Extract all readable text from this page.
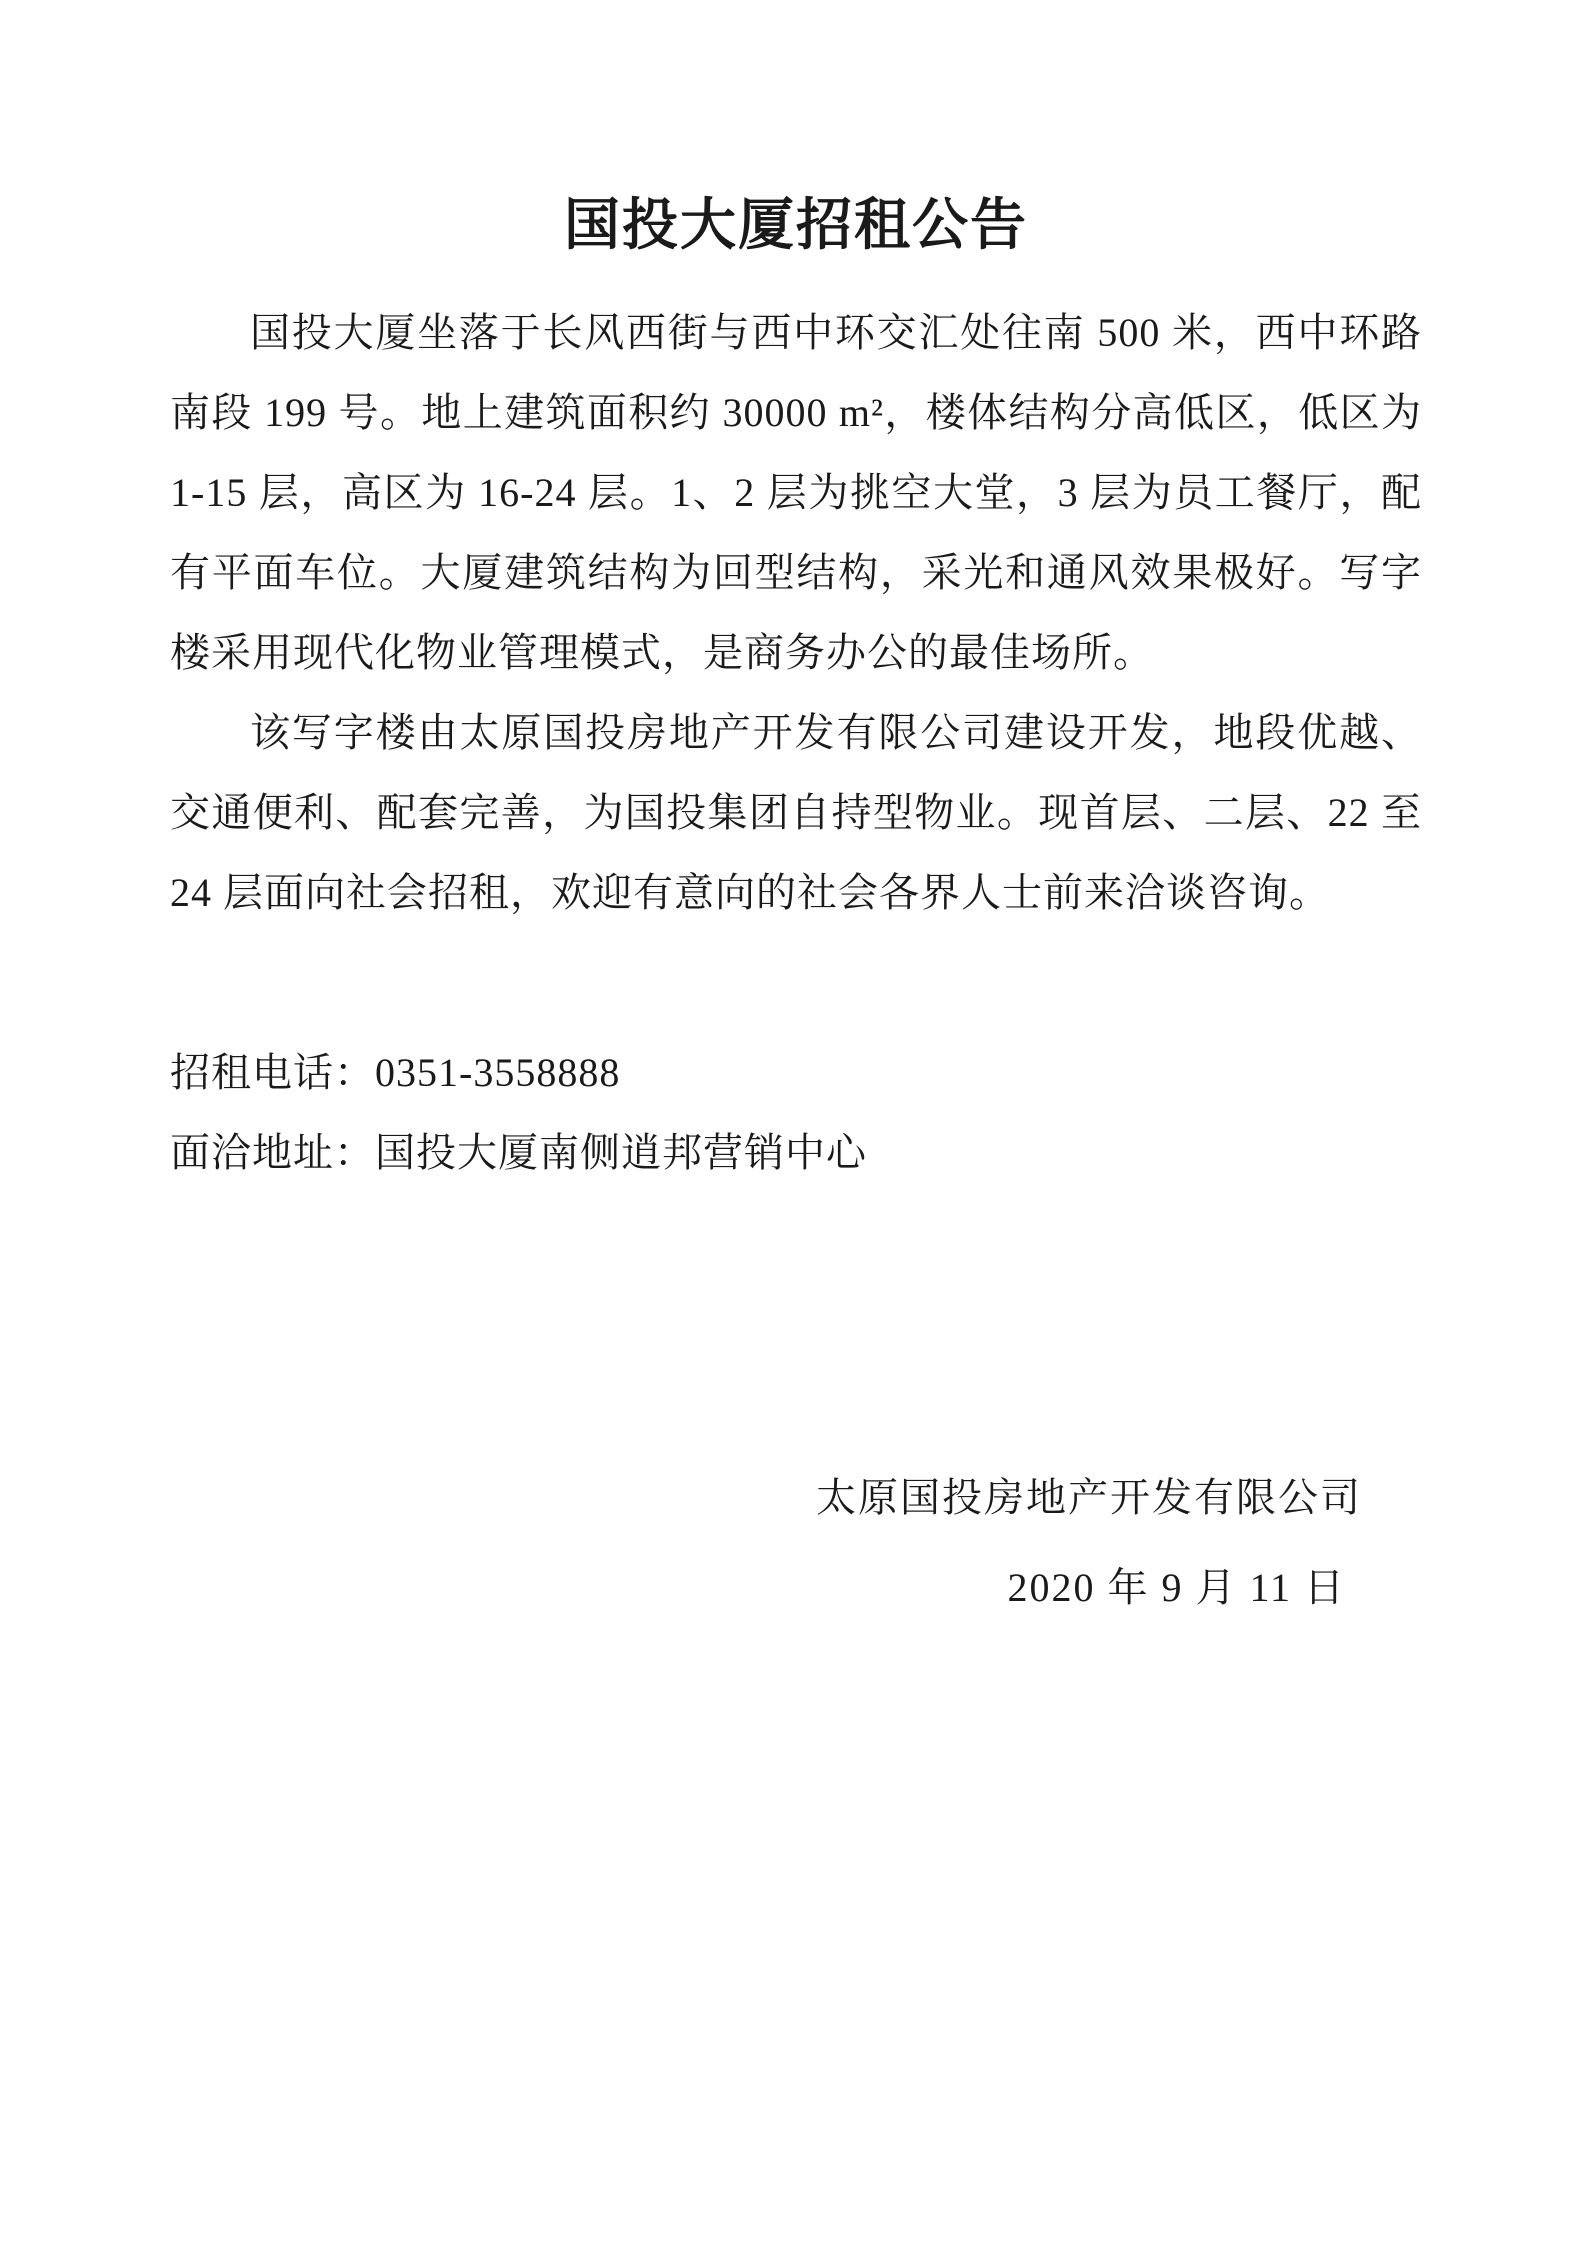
国投大厦招租公告

国投大厦坐落于长风西街与西中环交汇处往南 500 米，西中环路南段 199 号。地上建筑面积约 30000 m²，楼体结构分高低区，低区为 1-15 层，高区为 16-24 层。1、2 层为挑空大堂，3 层为员工餐厅，配有平面车位。大厦建筑结构为回型结构，采光和通风效果极好。写字楼采用现代化物业管理模式，是商务办公的最佳场所。

该写字楼由太原国投房地产开发有限公司建设开发，地段优越、交通便利、配套完善，为国投集团自持型物业。现首层、二层、22 至 24 层面向社会招租，欢迎有意向的社会各界人士前来洽谈咨询。

招租电话：0351-3558888

面洽地址：国投大厦南侧逍邦营销中心

太原国投房地产开发有限公司

2020 年 9 月 11 日
